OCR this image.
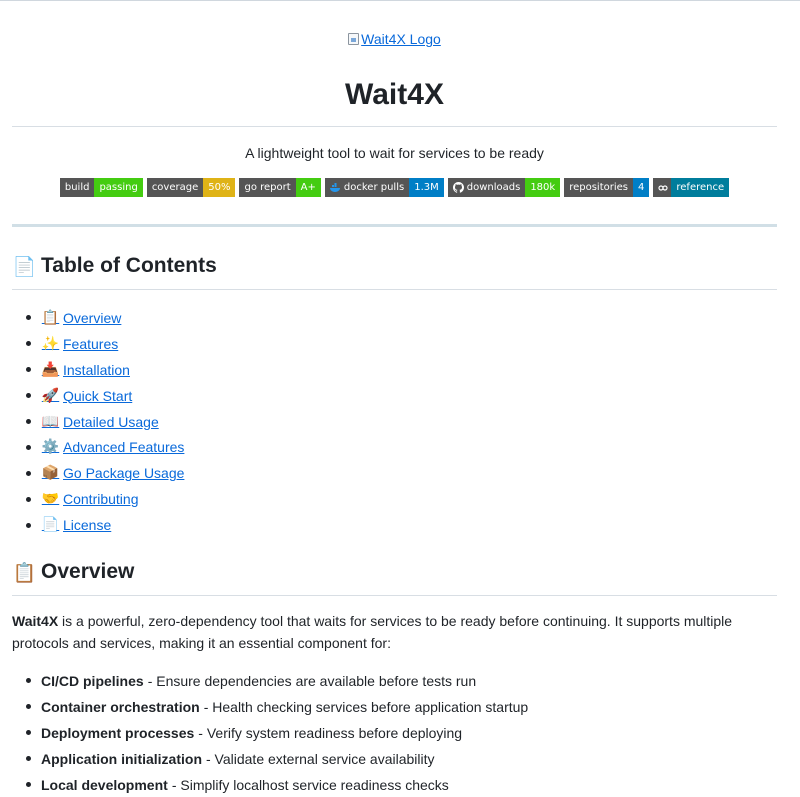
Wait4X Logo
Wait4X
A lightweight tool to wait for services to be ready
build	passing	coverage	50%	go report	A+	docker pulls	1.3M	downloads	180k	repositories	4	reference
📄 Table of Contents
📋 Overview
✨ Features
📥 Installation
🚀 Quick Start
📖 Detailed Usage
⚙️ Advanced Features
📦 Go Package Usage
🤝 Contributing
📄 License
📋 Overview

Wait4X is a powerful, zero-dependency tool that waits for services to be ready before continuing. It supports multiple protocols and services, making it an essential component for:

CI/CD pipelines - Ensure dependencies are available before tests run
Container orchestration - Health checking services before application startup
Deployment processes - Verify system readiness before deploying
Application initialization - Validate external service availability
Local development - Simplify localhost service readiness checks
